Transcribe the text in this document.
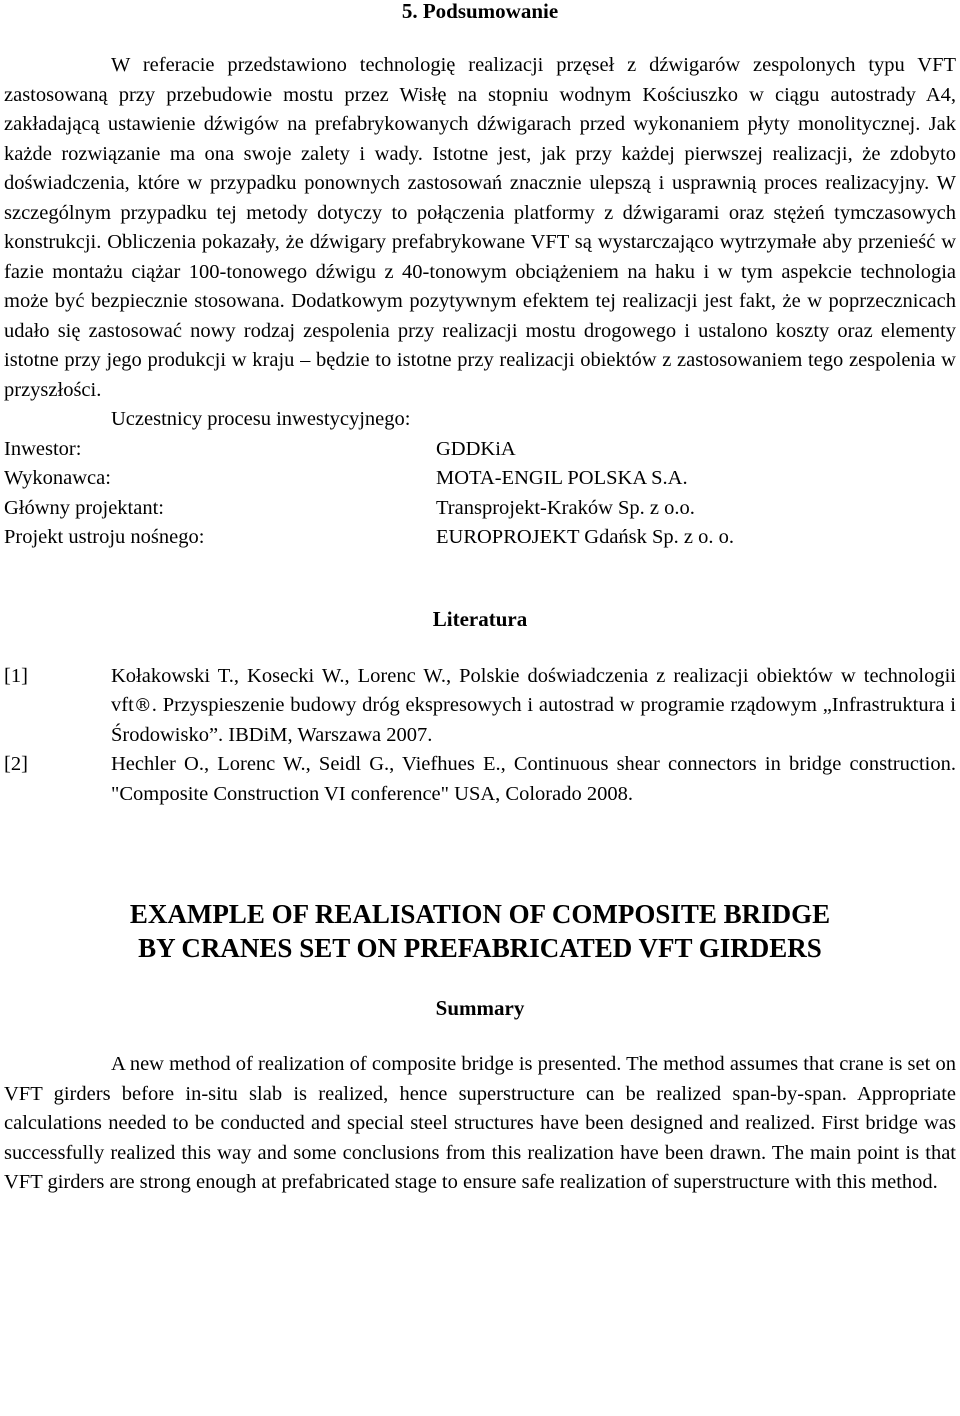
5. Podsumowanie

W referacie przedstawiono technologię realizacji przęseł z dźwigarów zespolonych typu VFT zastosowaną przy przebudowie mostu przez Wisłę na stopniu wodnym Kościuszko w ciągu autostrady A4, zakładającą ustawienie dźwigów na prefabrykowanych dźwigarach przed wykonaniem płyty monolitycznej. Jak każde rozwiązanie ma ona swoje zalety i wady. Istotne jest, jak przy każdej pierwszej realizacji, że zdobyto doświadczenia, które w przypadku ponownych zastosowań znacznie ulepszą i usprawnią proces realizacyjny. W szczególnym przypadku tej metody dotyczy to połączenia platformy z dźwigarami oraz stężeń tymczasowych konstrukcji. Obliczenia pokazały, że dźwigary prefabrykowane VFT są wystarczająco wytrzymałe aby przenieść w fazie montażu ciążar 100-tonowego dźwigu z 40-tonowym obciążeniem na haku i w tym aspekcie technologia może być bezpiecznie stosowana. Dodatkowym pozytywnym efektem tej realizacji jest fakt, że w poprzecznicach udało się zastosować nowy rodzaj zespolenia przy realizacji mostu drogowego i ustalono koszty oraz elementy istotne przy jego produkcji w kraju – będzie to istotne przy realizacji obiektów z zastosowaniem tego zespolenia w przyszłości.

Uczestnicy procesu inwestycyjnego:

Inwestor:	GDDKiA
Wykonawca:	MOTA-ENGIL POLSKA S.A.
Główny projektant:	Transprojekt-Kraków Sp. z o.o.
Projekt ustroju nośnego:	EUROPROJEKT Gdańsk Sp. z o. o.
Literatura
[1]	Kołakowski T., Kosecki W., Lorenc W., Polskie doświadczenia z realizacji obiektów w technologii vft®. Przyspieszenie budowy dróg ekspresowych i autostrad w programie rządowym „Infrastruktura i Środowisko”. IBDiM, Warszawa 2007.
[2]	Hechler O., Lorenc W., Seidl G., Viefhues E., Continuous shear connectors in bridge construction. "Composite Construction VI conference" USA, Colorado 2008.

EXAMPLE OF REALISATION OF COMPOSITE BRIDGE

BY CRANES SET ON PREFABRICATED VFT GIRDERS

Summary

A new method of realization of composite bridge is presented. The method assumes that crane is set on VFT girders before in-situ slab is realized, hence superstructure can be realized span-by-span. Appropriate calculations needed to be conducted and special steel structures have been designed and realized. First bridge was successfully realized this way and some conclusions from this realization have been drawn. The main point is that VFT girders are strong enough at prefabricated stage to ensure safe realization of superstructure with this method.
